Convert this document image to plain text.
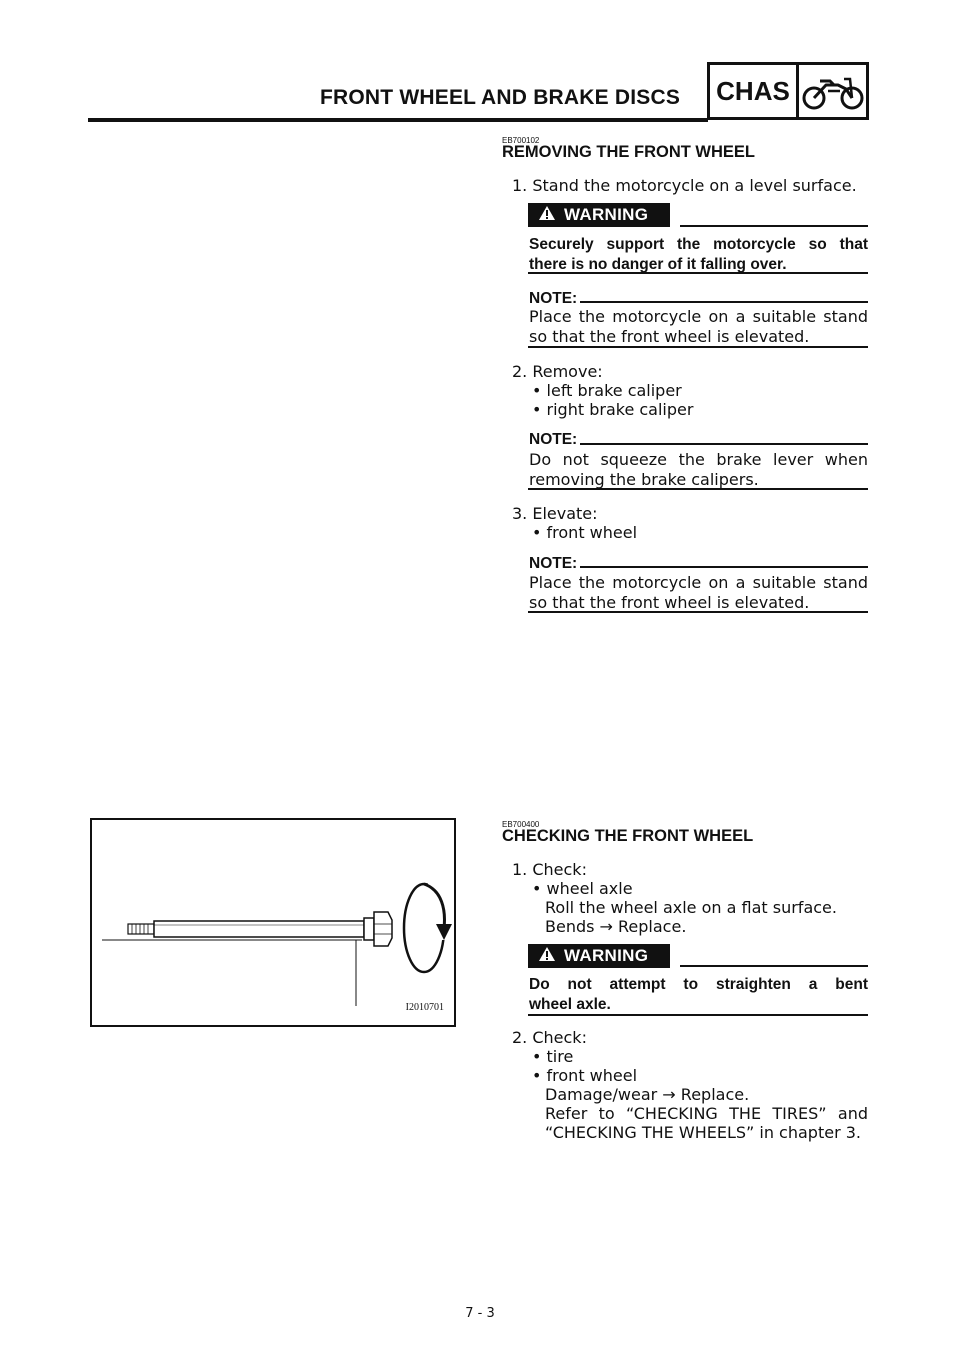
FRONT WHEEL AND BRAKE DISCS	CHAS
EB700102
REMOVING THE FRONT WHEEL
1. Stand the motorcycle on a level surface.
WARNING
Securely support the motorcycle so that
there is no danger of it falling over.
NOTE:
Place the motorcycle on a suitable stand
so that the front wheel is elevated.
2. Remove:
• left brake caliper
• right brake caliper
NOTE:
Do not squeeze the brake lever when
removing the brake calipers.
3. Elevate:
• front wheel
NOTE:
Place the motorcycle on a suitable stand
so that the front wheel is elevated.
I2010701
EB700400
CHECKING THE FRONT WHEEL
1. Check:
• wheel axle
Roll the wheel axle on a flat surface.
Bends → Replace.
WARNING
Do not attempt to straighten a bent
wheel axle.
2. Check:
• tire
• front wheel
Damage/wear → Replace.
Refer to “CHECKING THE TIRES” and
“CHECKING THE WHEELS” in chapter 3.
7 - 3
